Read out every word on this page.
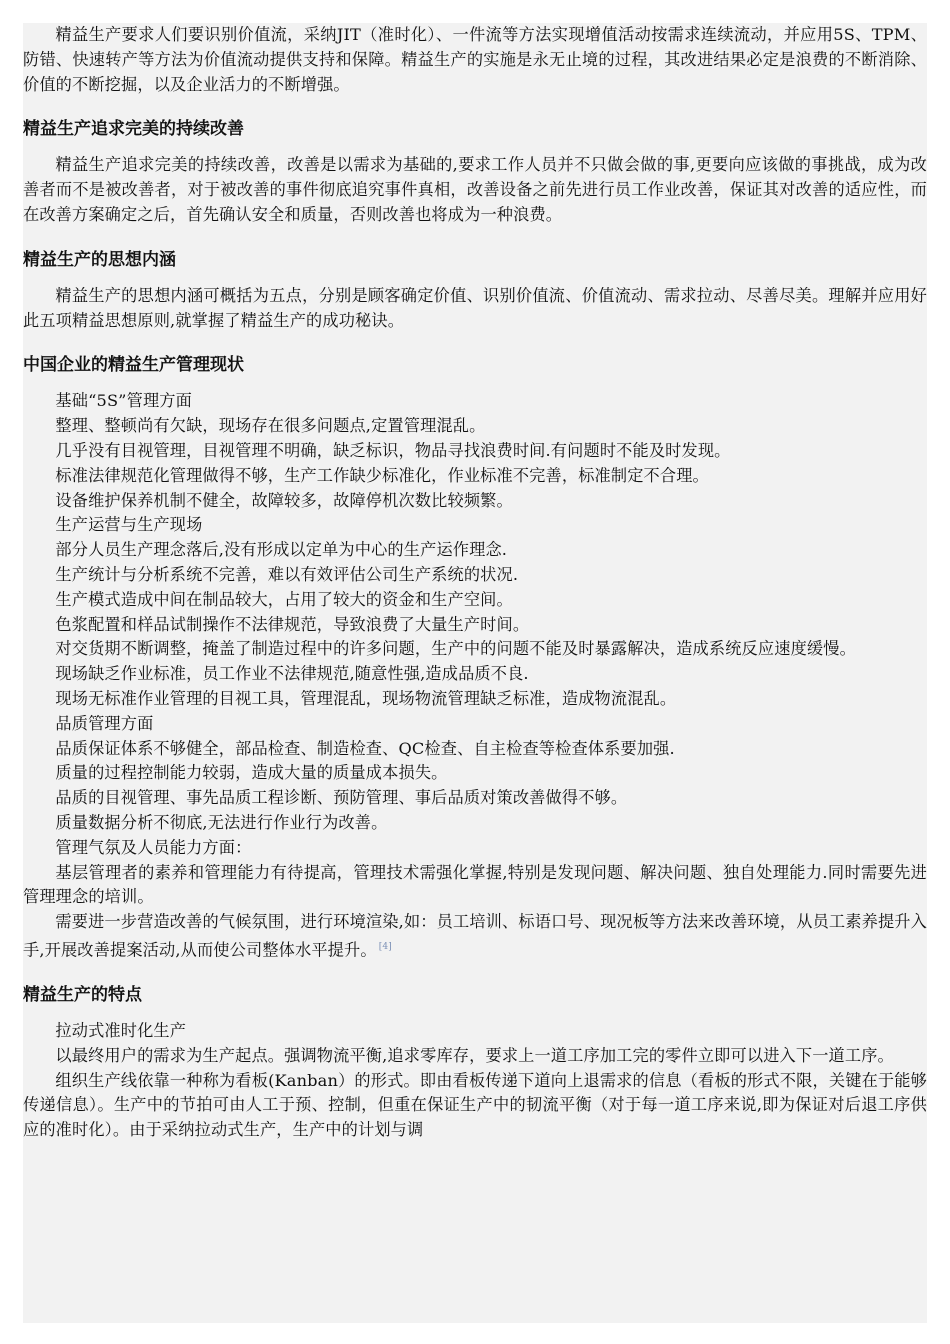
精益生产要求人们要识别价值流，采纳JIT（准时化）、一件流等方法实现增值活动按需求连续流动，并应用5S、TPM、防错、快速转产等方法为价值流动提供支持和保障。精益生产的实施是永无止境的过程，其改进结果必定是浪费的不断消除、价值的不断挖掘，以及企业活力的不断增强。

精益生产追求完美的持续改善

精益生产追求完美的持续改善，改善是以需求为基础的,要求工作人员并不只做会做的事,更要向应该做的事挑战，成为改善者而不是被改善者，对于被改善的事件彻底追究事件真相，改善设备之前先进行员工作业改善，保证其对改善的适应性，而在改善方案确定之后，首先确认安全和质量，否则改善也将成为一种浪费。

精益生产的思想内涵

精益生产的思想内涵可概括为五点，分别是顾客确定价值、识别价值流、价值流动、需求拉动、尽善尽美。理解并应用好此五项精益思想原则,就掌握了精益生产的成功秘诀。

中国企业的精益生产管理现状

基础“5S”管理方面

整理、整顿尚有欠缺，现场存在很多问题点,定置管理混乱。

几乎没有目视管理，目视管理不明确，缺乏标识，物品寻找浪费时间.有问题时不能及时发现。

标准法律规范化管理做得不够，生产工作缺少标准化，作业标准不完善，标准制定不合理。

设备维护保养机制不健全，故障较多，故障停机次数比较频繁。

生产运营与生产现场

部分人员生产理念落后,没有形成以定单为中心的生产运作理念.

生产统计与分析系统不完善，难以有效评估公司生产系统的状况.

生产模式造成中间在制品较大，占用了较大的资金和生产空间。

色浆配置和样品试制操作不法律规范，导致浪费了大量生产时间。

对交货期不断调整，掩盖了制造过程中的许多问题，生产中的问题不能及时暴露解决，造成系统反应速度缓慢。

现场缺乏作业标准，员工作业不法律规范,随意性强,造成品质不良.

现场无标准作业管理的目视工具，管理混乱，现场物流管理缺乏标准，造成物流混乱。

品质管理方面

品质保证体系不够健全，部品检查、制造检查、QC检查、自主检查等检查体系要加强.

质量的过程控制能力较弱，造成大量的质量成本损失。

品质的目视管理、事先品质工程诊断、预防管理、事后品质对策改善做得不够。

质量数据分析不彻底,无法进行作业行为改善。

管理气氛及人员能力方面：

基层管理者的素养和管理能力有待提高，管理技术需强化掌握,特别是发现问题、解决问题、独自处理能力.同时需要先进管理理念的培训。

需要进一步营造改善的气候氛围，进行环境渲染,如：员工培训、标语口号、现况板等方法来改善环境，从员工素养提升入手,开展改善提案活动,从而使公司整体水平提升。 [4]

精益生产的特点

拉动式准时化生产

以最终用户的需求为生产起点。强调物流平衡,追求零库存，要求上一道工序加工完的零件立即可以进入下一道工序。

组织生产线依靠一种称为看板(Kanban）的形式。即由看板传递下道向上退需求的信息（看板的形式不限，关键在于能够传递信息）。生产中的节拍可由人工于预、控制，但重在保证生产中的韧流平衡（对于每一道工序来说,即为保证对后退工序供应的准时化）。由于采纳拉动式生产，生产中的计划与调
